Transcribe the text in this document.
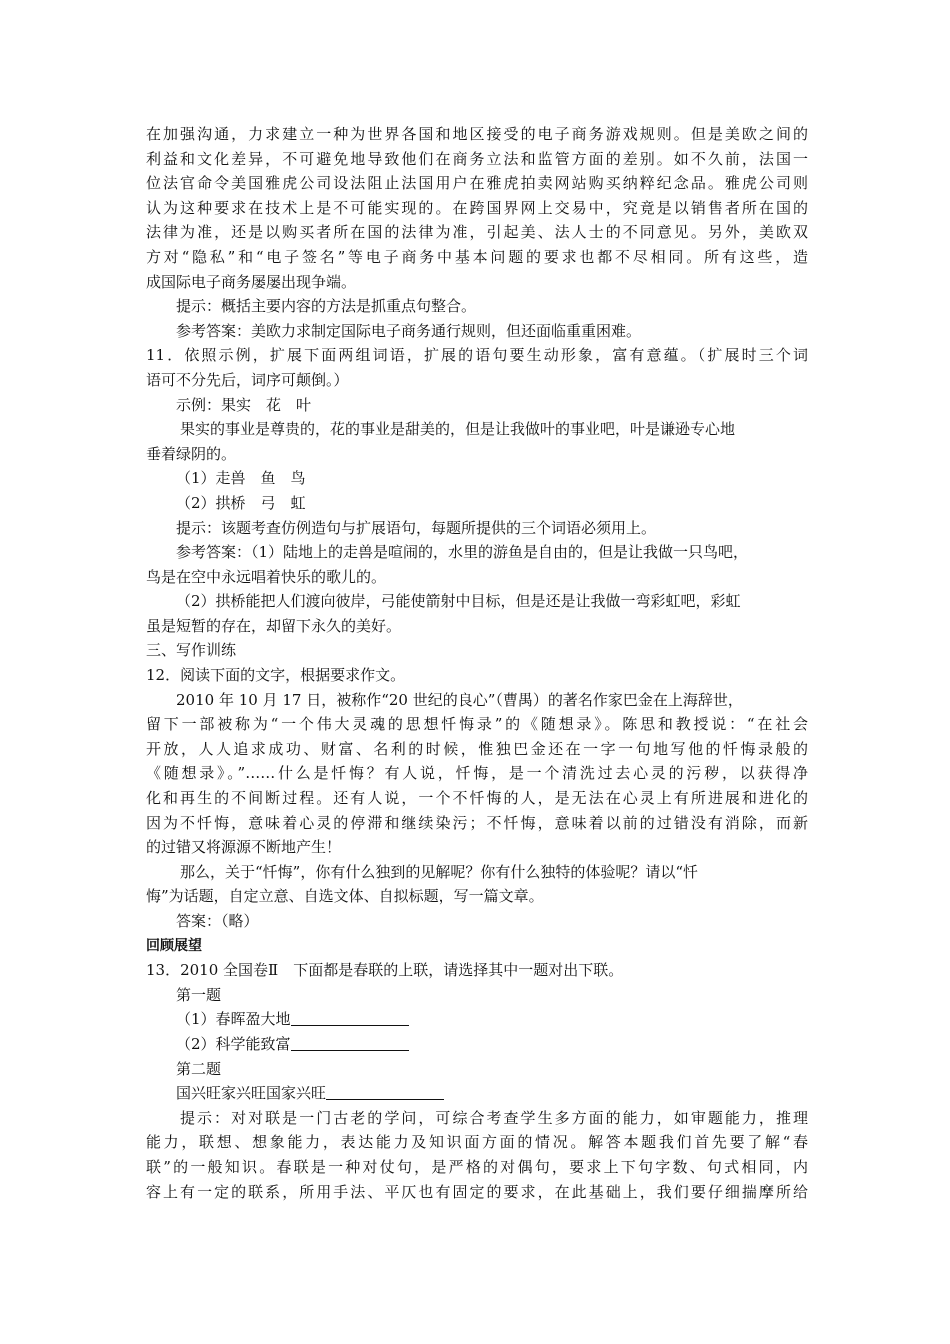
在加强沟通，力求建立一种为世界各国和地区接受的电子商务游戏规则。但是美欧之间的
利益和文化差异，不可避免地导致他们在商务立法和监管方面的差别。如不久前，法国一
位法官命令美国雅虎公司设法阻止法国用户在雅虎拍卖网站购买纳粹纪念品。雅虎公司则
认为这种要求在技术上是不可能实现的。在跨国界网上交易中，究竟是以销售者所在国的
法律为准，还是以购买者所在国的法律为准，引起美、法人士的不同意见。另外，美欧双
方对“隐私”和“电子签名”等电子商务中基本问题的要求也都不尽相同。所有这些，造
成国际电子商务屡屡出现争端。
提示：概括主要内容的方法是抓重点句整合。
参考答案：美欧力求制定国际电子商务通行规则，但还面临重重困难。
11．依照示例，扩展下面两组词语，扩展的语句要生动形象，富有意蕴。（扩展时三个词
语可不分先后，词序可颠倒。）
示例：果实　花　叶
果实的事业是尊贵的，花的事业是甜美的，但是让我做叶的事业吧，叶是谦逊专心地
垂着绿阴的。
（1）走兽　鱼　鸟
（2）拱桥　弓　虹
提示：该题考查仿例造句与扩展语句，每题所提供的三个词语必须用上。
参考答案：（1）陆地上的走兽是喧闹的，水里的游鱼是自由的，但是让我做一只鸟吧，
鸟是在空中永远唱着快乐的歌儿的。
（2）拱桥能把人们渡向彼岸，弓能使箭射中目标，但是还是让我做一弯彩虹吧，彩虹
虽是短暂的存在，却留下永久的美好。
三、写作训练
12．阅读下面的文字，根据要求作文。
2010 年 10 月 17 日，被称作“20 世纪的良心”（曹禺）的著名作家巴金在上海辞世，
留下一部被称为“一个伟大灵魂的思想忏悔录”的《随想录》。陈思和教授说：“在社会
开放，人人追求成功、财富、名利的时候，惟独巴金还在一字一句地写他的忏悔录般的
《随想录》。”……什么是忏悔？有人说，忏悔，是一个清洗过去心灵的污秽，以获得净
化和再生的不间断过程。还有人说，一个不忏悔的人，是无法在心灵上有所进展和进化的
因为不忏悔，意味着心灵的停滞和继续染污；不忏悔，意味着以前的过错没有消除，而新
的过错又将源源不断地产生！
那么，关于“忏悔”，你有什么独到的见解呢？你有什么独特的体验呢？请以“忏
悔”为话题，自定立意、自选文体、自拟标题，写一篇文章。
答案：（略）
回顾展望
13．2010 全国卷Ⅱ　下面都是春联的上联，请选择其中一题对出下联。
第一题
（1）春晖盈大地
（2）科学能致富
第二题
国兴旺家兴旺国家兴旺
提示：对对联是一门古老的学问，可综合考查学生多方面的能力，如审题能力，推理
能力，联想、想象能力，表达能力及知识面方面的情况。解答本题我们首先要了解“春
联”的一般知识。春联是一种对仗句，是严格的对偶句，要求上下句字数、句式相同，内
容上有一定的联系，所用手法、平仄也有固定的要求，在此基础上，我们要仔细揣摩所给
